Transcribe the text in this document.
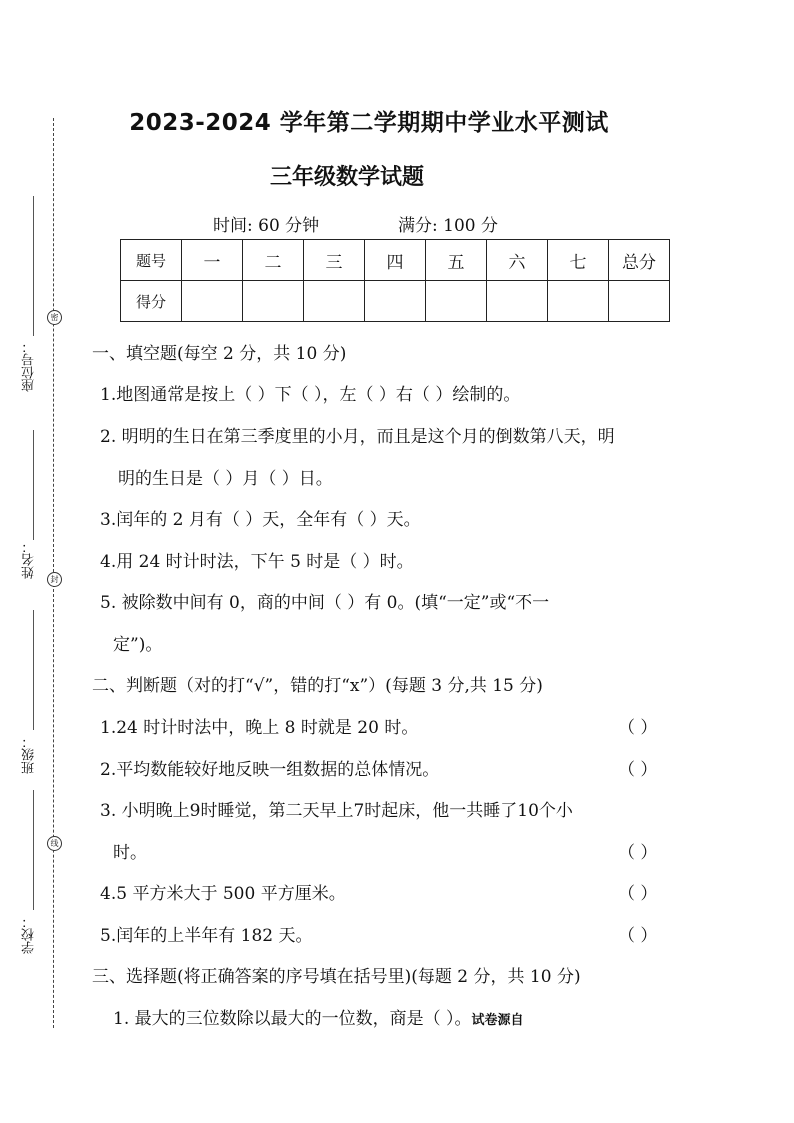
密
封
线
座位号：
姓名：
班级：
学校：
2023-2024 学年第二学期期中学业水平测试
三年级数学试题
时间: 60 分钟	满分: 100 分
题号	一	二	三	四	五	六	七	总分
得分								
一、填空题(每空 2 分，共 10 分)
1.地图通常是按上（ ）下（ ），左（ ）右（ ）绘制的。
2. 明明的生日在第三季度里的小月，而且是这个月的倒数第八天，明
明的生日是（ ）月（ ）日。
3.闰年的 2 月有（ ）天，全年有（ ）天。
4.用 24 时计时法，下午 5 时是（ ）时。
5. 被除数中间有 0，商的中间（ ）有 0。(填“一定”或“不一
定”)。
二、判断题（对的打“√”，错的打“x”）(每题 3 分,共 15 分)
1.24 时计时法中，晚上 8 时就是 20 时。	（ ）
2.平均数能较好地反映一组数据的总体情况。	（ ）
3. 小明晚上9时睡觉，第二天早上7时起床，他一共睡了10个小
时。	（ ）
4.5 平方米大于 500 平方厘米。	（ ）
5.闰年的上半年有 182 天。	（ ）
三、选择题(将正确答案的序号填在括号里)(每题 2 分，共 10 分)
1. 最大的三位数除以最大的一位数，商是（ ）。试卷源自
